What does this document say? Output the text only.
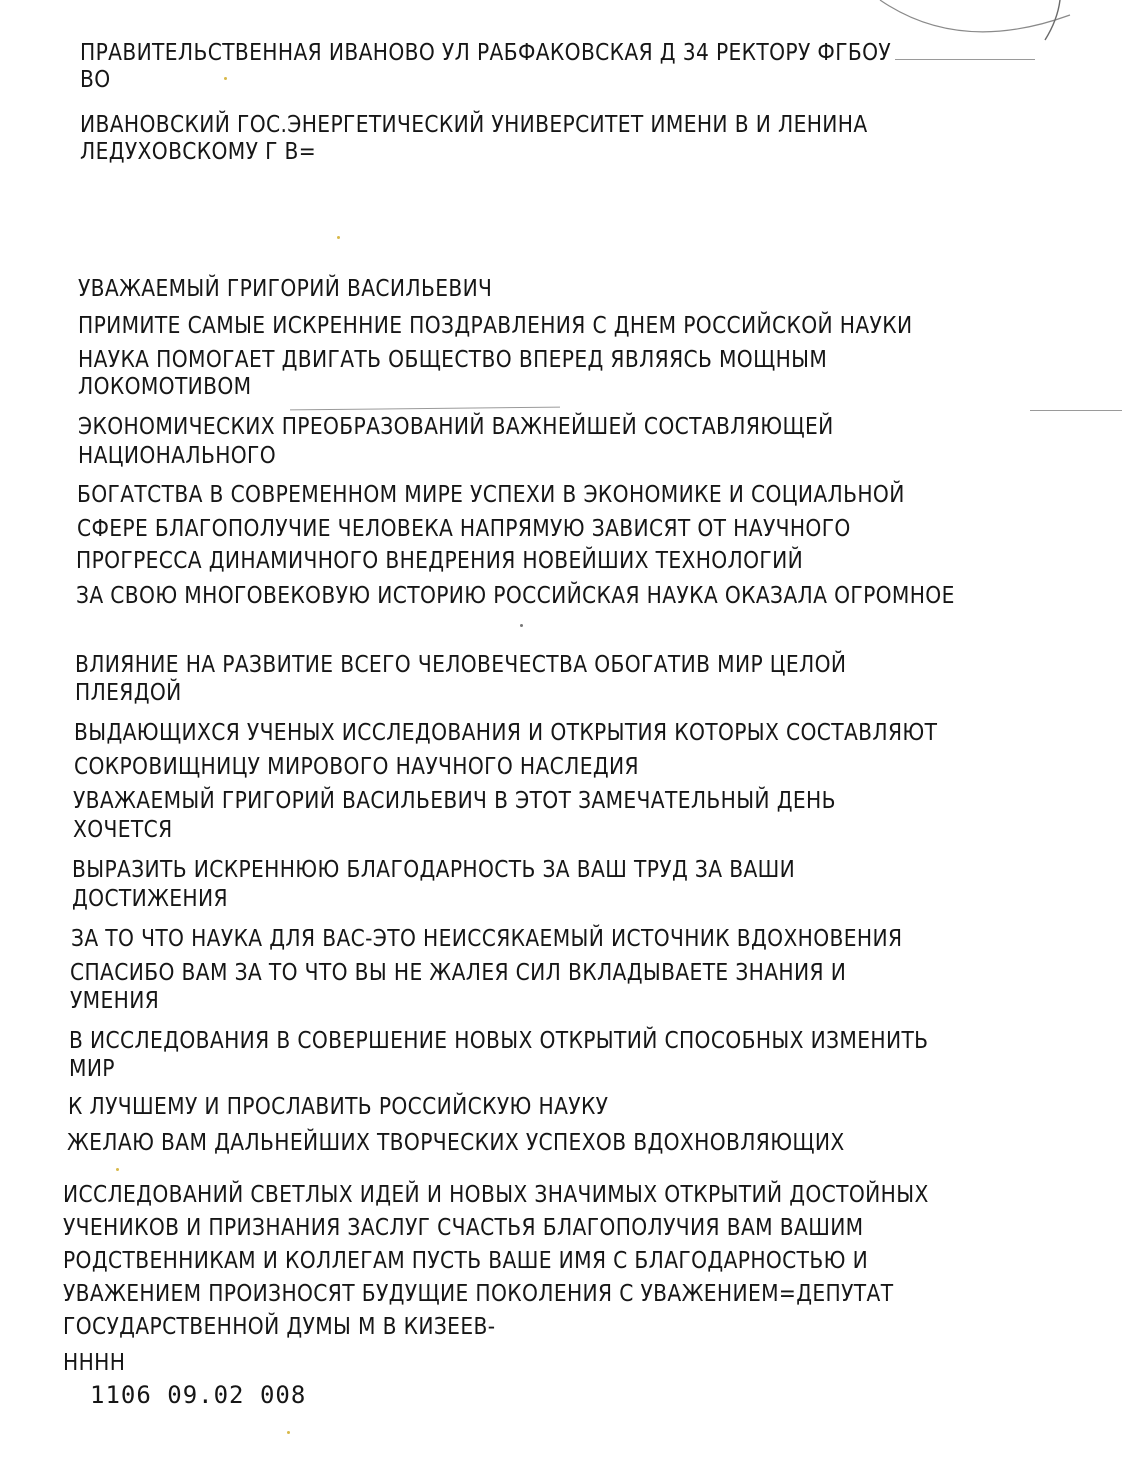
ПРАВИТЕЛЬСТВЕННАЯ ИВАНОВО УЛ РАБФАКОВСКАЯ Д 34 РЕКТОРУ ФГБОУ
ВО
ИВАНОВСКИЙ ГОС.ЭНЕРГЕТИЧЕСКИЙ УНИВЕРСИТЕТ ИМЕНИ В И ЛЕНИНА
ЛЕДУХОВСКОМУ Г В=
УВАЖАЕМЫЙ ГРИГОРИЙ ВАСИЛЬЕВИЧ
ПРИМИТЕ САМЫЕ ИСКРЕННИЕ ПОЗДРАВЛЕНИЯ С ДНЕМ РОССИЙСКОЙ НАУКИ
НАУКА ПОМОГАЕТ ДВИГАТЬ ОБЩЕСТВО ВПЕРЕД ЯВЛЯЯСЬ МОЩНЫМ
ЛОКОМОТИВОМ
ЭКОНОМИЧЕСКИХ ПРЕОБРАЗОВАНИЙ ВАЖНЕЙШЕЙ СОСТАВЛЯЮЩЕЙ
НАЦИОНАЛЬНОГО
БОГАТСТВА В СОВРЕМЕННОМ МИРЕ УСПЕХИ В ЭКОНОМИКЕ И СОЦИАЛЬНОЙ
СФЕРЕ БЛАГОПОЛУЧИЕ ЧЕЛОВЕКА НАПРЯМУЮ ЗАВИСЯТ ОТ НАУЧНОГО
ПРОГРЕССА ДИНАМИЧНОГО ВНЕДРЕНИЯ НОВЕЙШИХ ТЕХНОЛОГИЙ
ЗА СВОЮ МНОГОВЕКОВУЮ ИСТОРИЮ РОССИЙСКАЯ НАУКА ОКАЗАЛА ОГРОМНОЕ
ВЛИЯНИЕ НА РАЗВИТИЕ ВСЕГО ЧЕЛОВЕЧЕСТВА ОБОГАТИВ МИР ЦЕЛОЙ
ПЛЕЯДОЙ
ВЫДАЮЩИХСЯ УЧЕНЫХ ИССЛЕДОВАНИЯ И ОТКРЫТИЯ КОТОРЫХ СОСТАВЛЯЮТ
СОКРОВИЩНИЦУ МИРОВОГО НАУЧНОГО НАСЛЕДИЯ
УВАЖАЕМЫЙ ГРИГОРИЙ ВАСИЛЬЕВИЧ В ЭТОТ ЗАМЕЧАТЕЛЬНЫЙ ДЕНЬ
ХОЧЕТСЯ
ВЫРАЗИТЬ ИСКРЕННЮЮ БЛАГОДАРНОСТЬ ЗА ВАШ ТРУД ЗА ВАШИ
ДОСТИЖЕНИЯ
ЗА ТО ЧТО НАУКА ДЛЯ ВАС-ЭТО НЕИССЯКАЕМЫЙ ИСТОЧНИК ВДОХНОВЕНИЯ
СПАСИБО ВАМ ЗА ТО ЧТО ВЫ НЕ ЖАЛЕЯ СИЛ ВКЛАДЫВАЕТЕ ЗНАНИЯ И
УМЕНИЯ
В ИССЛЕДОВАНИЯ В СОВЕРШЕНИЕ НОВЫХ ОТКРЫТИЙ СПОСОБНЫХ ИЗМЕНИТЬ
МИР
К ЛУЧШЕМУ И ПРОСЛАВИТЬ РОССИЙСКУЮ НАУКУ
ЖЕЛАЮ ВАМ ДАЛЬНЕЙШИХ ТВОРЧЕСКИХ УСПЕХОВ ВДОХНОВЛЯЮЩИХ
ИССЛЕДОВАНИЙ СВЕТЛЫХ ИДЕЙ И НОВЫХ ЗНАЧИМЫХ ОТКРЫТИЙ ДОСТОЙНЫХ
УЧЕНИКОВ И ПРИЗНАНИЯ ЗАСЛУГ СЧАСТЬЯ БЛАГОПОЛУЧИЯ ВАМ ВАШИМ
РОДСТВЕННИКАМ И КОЛЛЕГАМ ПУСТЬ ВАШЕ ИМЯ С БЛАГОДАРНОСТЬЮ И
УВАЖЕНИЕМ ПРОИЗНОСЯТ БУДУЩИЕ ПОКОЛЕНИЯ С УВАЖЕНИЕМ=ДЕПУТАТ
ГОСУДАРСТВЕННОЙ ДУМЫ М В КИЗЕЕВ-
НННН
1106 09.02 008
